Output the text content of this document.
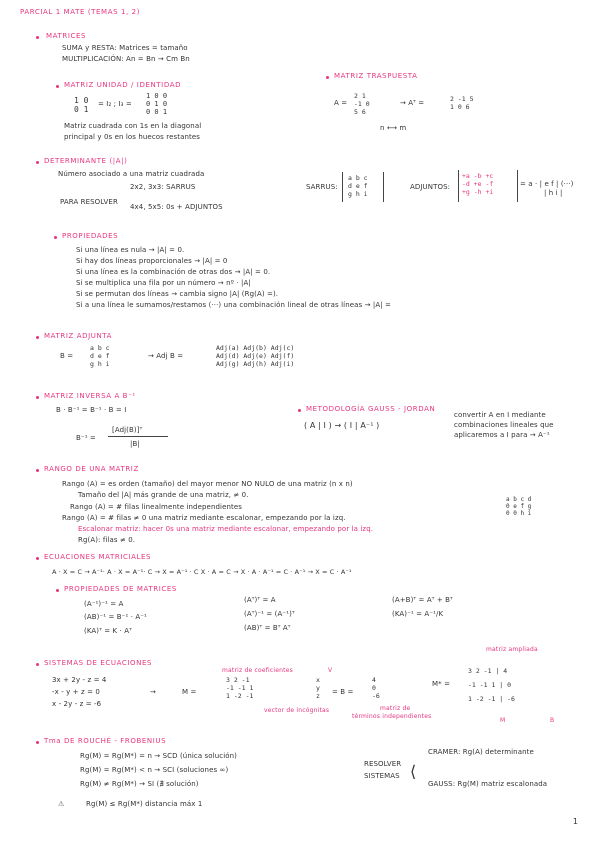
PARCIAL 1 MATE (TEMAS 1, 2)
MATRICES
SUMA y RESTA: Matrices = tamaño
MULTIPLICACIÓN: An = Bn → Cm Bn
MATRIZ UNIDAD / IDENTIDAD
1 0
0 1
= I₂ ; I₃ =
1 0 0
0 1 0
0 0 1
Matriz cuadrada con 1s en la diagonal
principal y 0s en los huecos restantes
MATRIZ TRASPUESTA
A =
2 1
-1 0
5 6
→ Aᵀ =	2 -1 5
1 0 6
n ⟷ m
DETERMINANTE (|A|)
Número asociado a una matriz cuadrada
PARA RESOLVER
2x2, 3x3: SARRUS
4x4, 5x5: 0s + ADJUNTOS
SARRUS:
a b c
d e f
g h i
ADJUNTOS:
+a -b +c
-d +e -f
+g -h +i
= a · | e f | (···)
| h i |
PROPIEDADES
Si una línea es nula → |A| = 0.
Si hay dos líneas proporcionales → |A| = 0
Si una línea es la combinación de otras dos → |A| = 0.
Si se multiplica una fila por un número → nº · |A|
Si se permutan dos líneas → cambia signo |A| (Rg(A) =).
Si a una línea le sumamos/restamos (···) una combinación lineal de otras líneas → |A| =
MATRIZ ADJUNTA
B =
a b c
d e f
g h i
→ Adj B =
Adj(a) Adj(b) Adj(c)
Adj(d) Adj(e) Adj(f)
Adj(g) Adj(h) Adj(i)
MATRIZ INVERSA A B⁻¹
B · B⁻¹ = B⁻¹ · B = I
B⁻¹ =
[Adj(B)]ᵀ
|B|
METODOLOGÍA GAUSS - JORDAN
( A | I ) → ( I | A⁻¹ )
convertir A en I mediante
combinaciones lineales que
aplicaremos a I para → A⁻¹
RANGO DE UNA MATRIZ
Rango (A) = es orden (tamaño) del mayor menor NO NULO de una matriz (n x n)
Tamaño del |A| más grande de una matriz, ≠ 0.
Rango (A) = # filas linealmente independientes
Rango (A) = # filas ≠ 0 una matriz mediante escalonar, empezando por la izq.
Escalonar matriz: hacer 0s una matriz mediante escalonar, empezando por la izq.
Rg(A): filas ≠ 0.
a b c d
0 e f g
0 0 h i
ECUACIONES MATRICIALES
A · X = C → A⁻¹· A · X = A⁻¹· C → X = A⁻¹ · C X · A = C → X · A · A⁻¹ = C · A⁻¹ → X = C · A⁻¹
PROPIEDADES DE MATRICES
(A⁻¹)⁻¹ = A
(AB)⁻¹ = B⁻¹ · A⁻¹
(KA)ᵀ = K · Aᵀ
(Aᵀ)ᵀ = A
(Aᵀ)⁻¹ = (A⁻¹)ᵀ
(AB)ᵀ = Bᵀ Aᵀ
(A+B)ᵀ = Aᵀ + Bᵀ
(KA)⁻¹ = A⁻¹/K
SISTEMAS DE ECUACIONES
3x + 2y - z = 4
-x - y + z = 0
x - 2y - z = -6
→
matriz de coeficientes	V
M =
3 2 -1
-1 -1 1
1 -2 -1
x
y
z = B =
4
0
-6
vector de incógnitas	matriz de
términos independientes
matriz ampliada
M* =
3 2 -1 | 4
-1 -1 1 | 0
1 -2 -1 | -6
M	B
Tma DE ROUCHÉ - FROBENIUS
Rg(M) = Rg(M*) = n → SCD (única solución)
Rg(M) = Rg(M*) < n → SCI (soluciones ∞)
Rg(M) ≠ Rg(M*) → SI (∄ solución)
⚠	Rg(M) ≤ Rg(M*) distancia máx 1
RESOLVER
SISTEMAS ⟨
CRAMER: Rg(A) determinante
GAUSS: Rg(M) matriz escalonada
1
